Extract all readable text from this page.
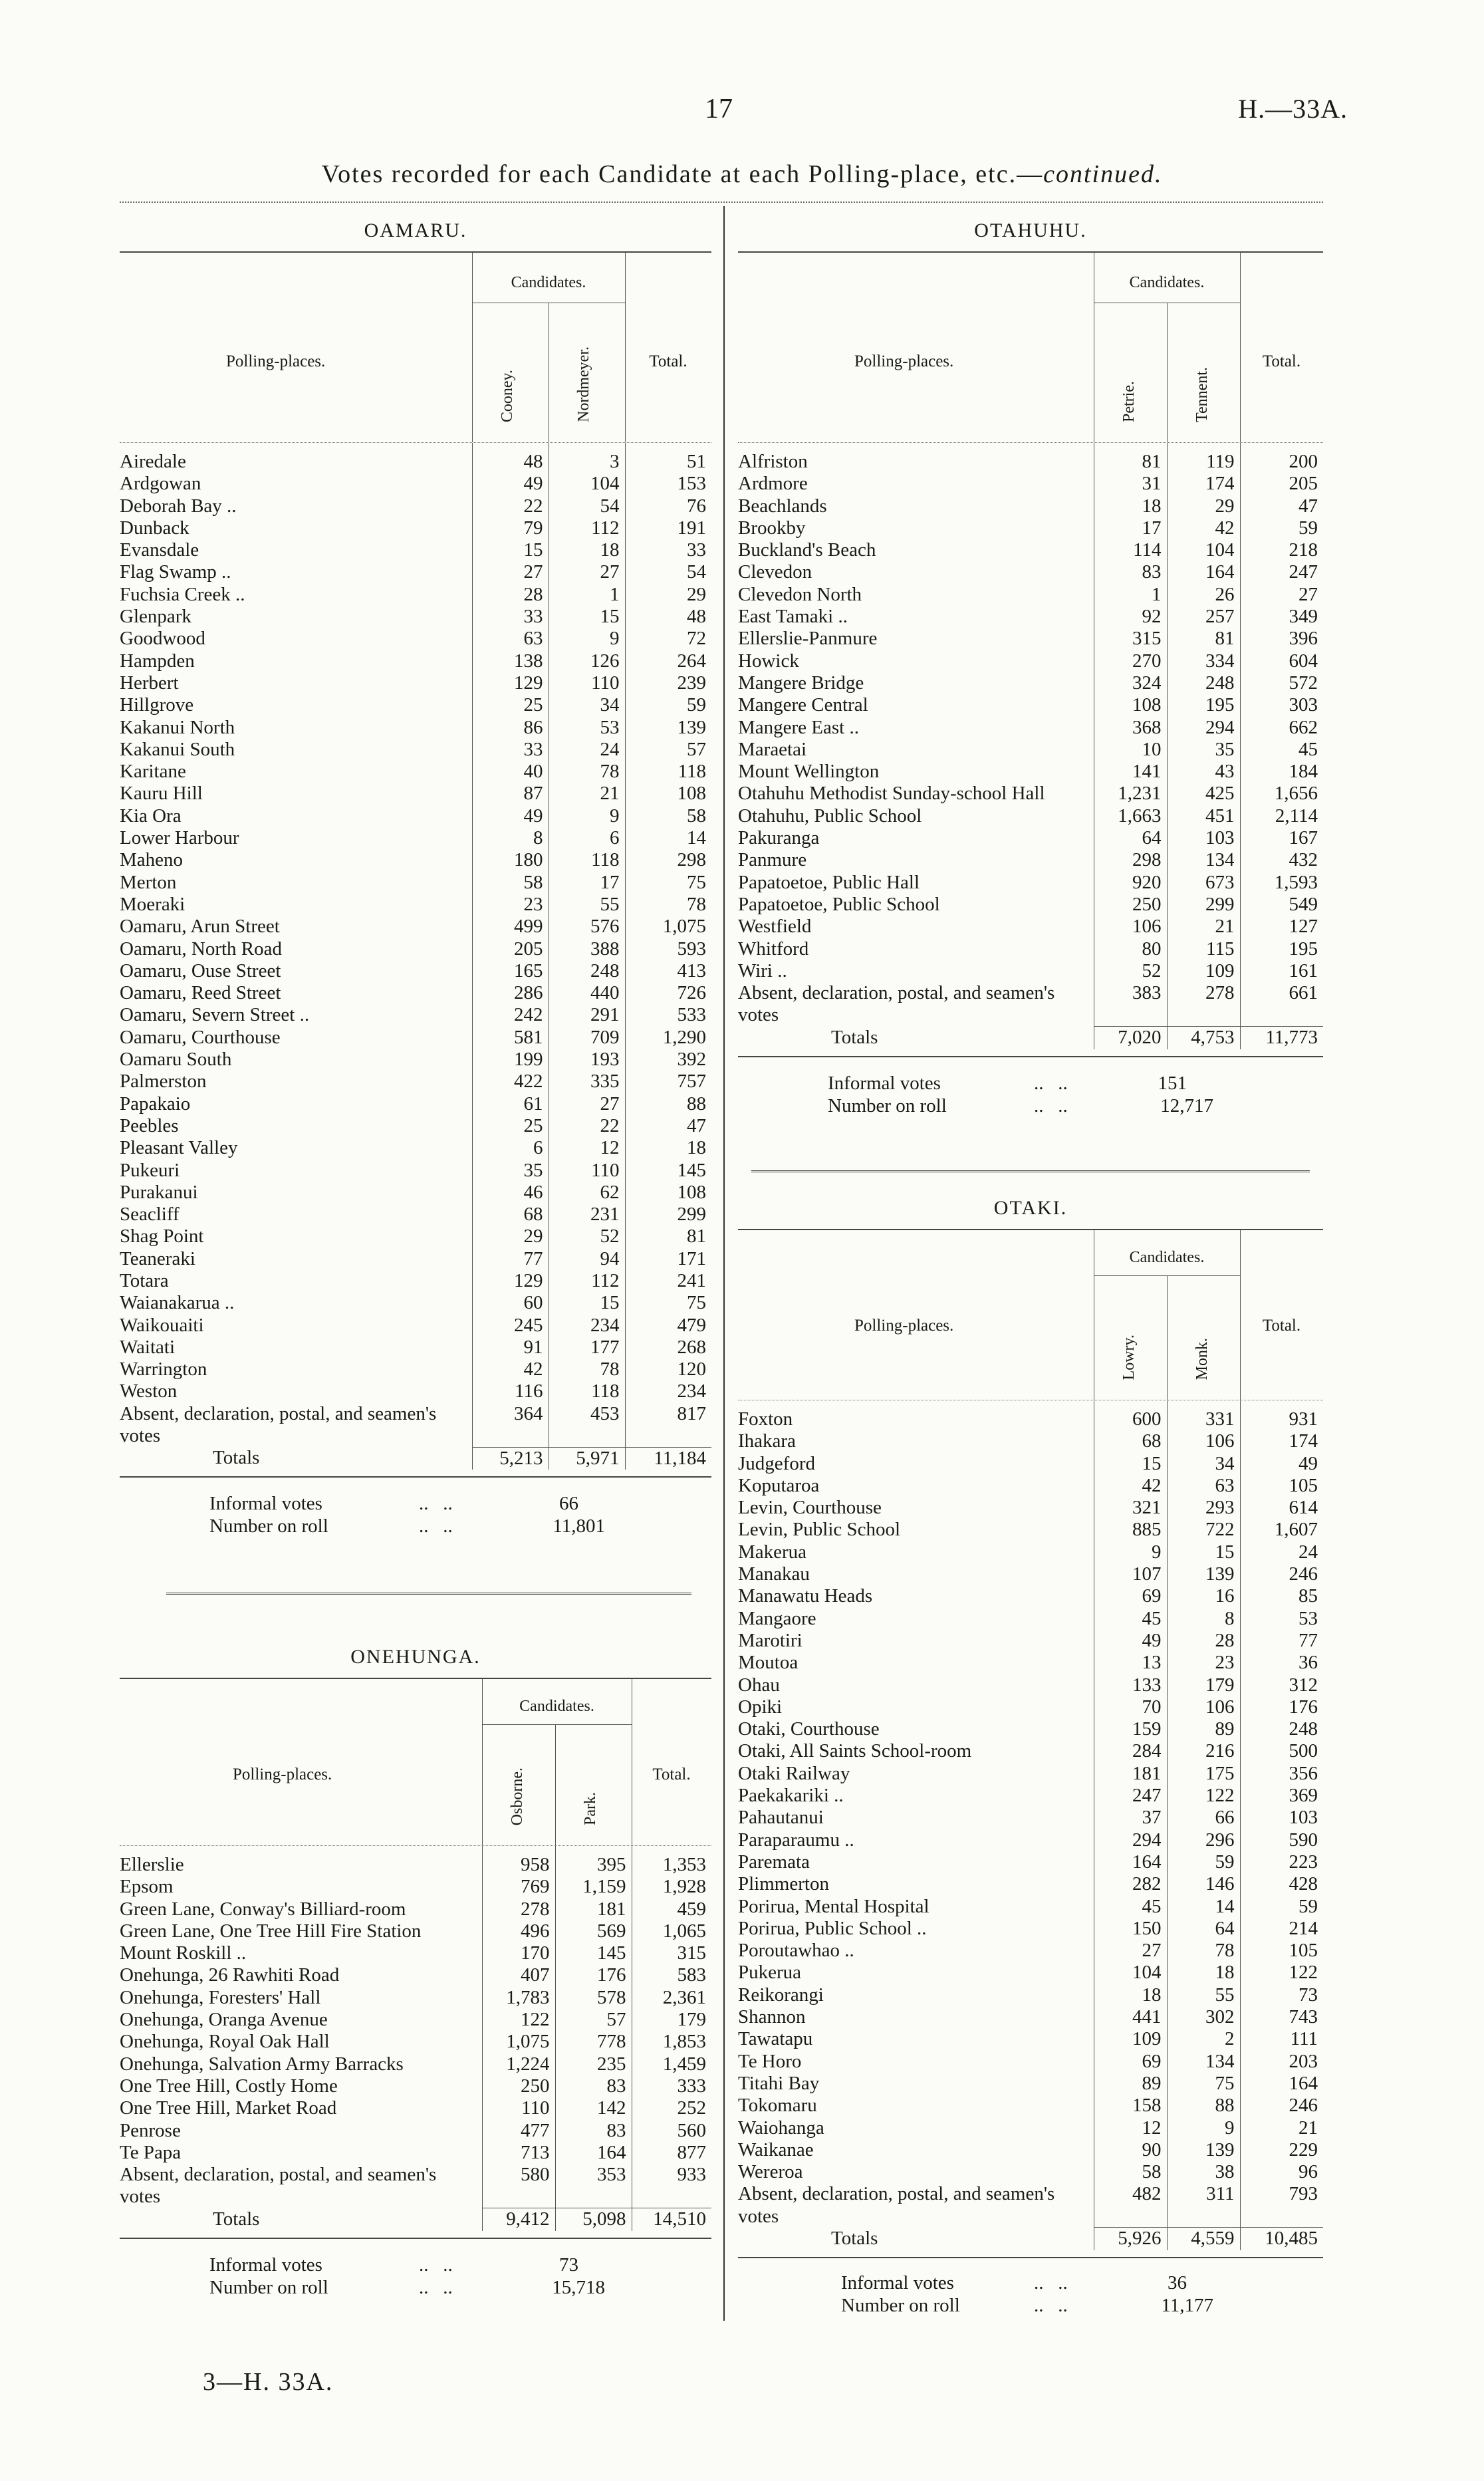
17	H.—33A.
Votes recorded for each Candidate at each Polling-place, etc.—continued.
OAMARU.
Polling-places.
Candidates.
Cooney.	Nordmeyer.	Total.
Airedale	48	3	51
Ardgowan	49	104	153
Deborah Bay ..	22	54	76
Dunback	79	112	191
Evansdale	15	18	33
Flag Swamp ..	27	27	54
Fuchsia Creek ..	28	1	29
Glenpark	33	15	48
Goodwood	63	9	72
Hampden	138	126	264
Herbert	129	110	239
Hillgrove	25	34	59
Kakanui North	86	53	139
Kakanui South	33	24	57
Karitane	40	78	118
Kauru Hill	87	21	108
Kia Ora	49	9	58
Lower Harbour	8	6	14
Maheno	180	118	298
Merton	58	17	75
Moeraki	23	55	78
Oamaru, Arun Street	499	576	1,075
Oamaru, North Road	205	388	593
Oamaru, Ouse Street	165	248	413
Oamaru, Reed Street	286	440	726
Oamaru, Severn Street ..	242	291	533
Oamaru, Courthouse	581	709	1,290
Oamaru South	199	193	392
Palmerston	422	335	757
Papakaio	61	27	88
Peebles	25	22	47
Pleasant Valley	6	12	18
Pukeuri	35	110	145
Purakanui	46	62	108
Seacliff	68	231	299
Shag Point	29	52	81
Teaneraki	77	94	171
Totara	129	112	241
Waianakarua ..	60	15	75
Waikouaiti	245	234	479
Waitati	91	177	268
Warrington	42	78	120
Weston	116	118	234
Absent, declaration, postal, and seamen's votes	364	453	817
Totals	5,213	5,971	11,184
Informal votes	..   ..	66
Number on roll	..   ..	11,801
ONEHUNGA.
Polling-places.
Candidates.
Osborne.	Park.
Total.
Ellerslie	958	395	1,353
Epsom	769	1,159	1,928
Green Lane, Conway's Billiard-room	278	181	459
Green Lane, One Tree Hill Fire Station	496	569	1,065
Mount Roskill ..	170	145	315
Onehunga, 26 Rawhiti Road	407	176	583
Onehunga, Foresters' Hall	1,783	578	2,361
Onehunga, Oranga Avenue	122	57	179
Onehunga, Royal Oak Hall	1,075	778	1,853
Onehunga, Salvation Army Barracks	1,224	235	1,459
One Tree Hill, Costly Home	250	83	333
One Tree Hill, Market Road	110	142	252
Penrose	477	83	560
Te Papa	713	164	877
Absent, declaration, postal, and seamen's votes	580	353	933
Totals	9,412	5,098	14,510
Informal votes	..   ..	73
Number on roll	..   ..	15,718
OTAHUHU.
Polling-places.
Candidates.
Petrie.	Tennent.
Total.
Alfriston	81	119	200
Ardmore	31	174	205
Beachlands	18	29	47
Brookby	17	42	59
Buckland's Beach	114	104	218
Clevedon	83	164	247
Clevedon North	1	26	27
East Tamaki ..	92	257	349
Ellerslie-Panmure	315	81	396
Howick	270	334	604
Mangere Bridge	324	248	572
Mangere Central	108	195	303
Mangere East ..	368	294	662
Maraetai	10	35	45
Mount Wellington	141	43	184
Otahuhu Methodist Sunday-school Hall	1,231	425	1,656
Otahuhu, Public School	1,663	451	2,114
Pakuranga	64	103	167
Panmure	298	134	432
Papatoetoe, Public Hall	920	673	1,593
Papatoetoe, Public School	250	299	549
Westfield	106	21	127
Whitford	80	115	195
Wiri ..	52	109	161
Absent, declaration, postal, and seamen's votes	383	278	661
Totals	7,020	4,753	11,773
Informal votes	..   ..	151
Number on roll	..   ..	12,717
OTAKI.
Polling-places.
Candidates.
Lowry.	Monk.
Total.
Foxton	600	331	931
Ihakara	68	106	174
Judgeford	15	34	49
Koputaroa	42	63	105
Levin, Courthouse	321	293	614
Levin, Public School	885	722	1,607
Makerua	9	15	24
Manakau	107	139	246
Manawatu Heads	69	16	85
Mangaore	45	8	53
Marotiri	49	28	77
Moutoa	13	23	36
Ohau	133	179	312
Opiki	70	106	176
Otaki, Courthouse	159	89	248
Otaki, All Saints School-room	284	216	500
Otaki Railway	181	175	356
Paekakariki ..	247	122	369
Pahautanui	37	66	103
Paraparaumu ..	294	296	590
Paremata	164	59	223
Plimmerton	282	146	428
Porirua, Mental Hospital	45	14	59
Porirua, Public School ..	150	64	214
Poroutawhao ..	27	78	105
Pukerua	104	18	122
Reikorangi	18	55	73
Shannon	441	302	743
Tawatapu	109	2	111
Te Horo	69	134	203
Titahi Bay	89	75	164
Tokomaru	158	88	246
Waiohanga	12	9	21
Waikanae	90	139	229
Wereroa	58	38	96
Absent, declaration, postal, and seamen's votes	482	311	793
Totals	5,926	4,559	10,485
Informal votes	..   ..	36
Number on roll	..   ..	11,177
3—H. 33A.
